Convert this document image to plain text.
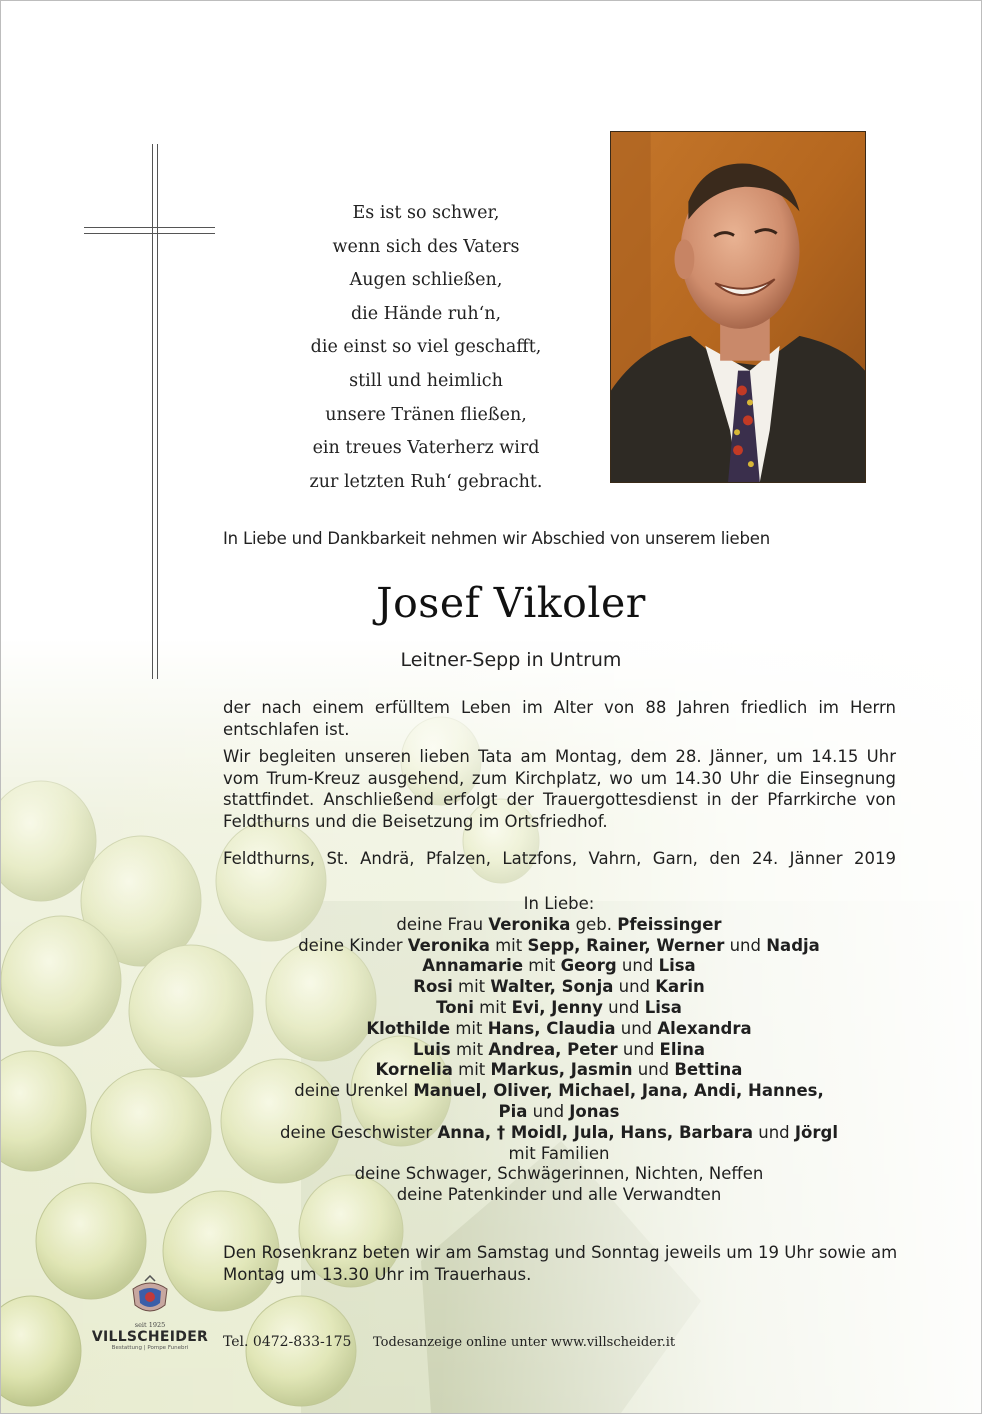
Es ist so schwer,
wenn sich des Vaters
Augen schließen,
die Hände ruh‘n,
die einst so viel geschafft,
still und heimlich
unsere Tränen fließen,
ein treues Vaterherz wird
zur letzten Ruh‘ gebracht.
In Liebe und Dankbarkeit nehmen wir Abschied von unserem lieben
Josef Vikoler
Leitner-Sepp in Untrum
der nach einem erfülltem Leben im Alter von 88 Jahren friedlich im Herrn entschlafen ist.
Wir begleiten unseren lieben Tata am Montag, dem 28. Jänner, um 14.15 Uhr vom Trum-Kreuz ausgehend, zum Kirchplatz, wo um 14.30 Uhr die Einsegnung stattfindet. Anschließend erfolgt der Trauergottesdienst in der Pfarrkirche von Feldthurns und die Beisetzung im Ortsfriedhof.
Feldthurns, St. Andrä, Pfalzen, Latzfons, Vahrn, Garn, den 24. Jänner 2019
In Liebe:
deine Frau Veronika geb. Pfeissinger
deine Kinder Veronika mit Sepp, Rainer, Werner und Nadja
Annamarie mit Georg und Lisa
Rosi mit Walter, Sonja und Karin
Toni mit Evi, Jenny und Lisa
Klothilde mit Hans, Claudia und Alexandra
Luis mit Andrea, Peter und Elina
Kornelia mit Markus, Jasmin und Bettina
deine Urenkel Manuel, Oliver, Michael, Jana, Andi, Hannes,
Pia und Jonas
deine Geschwister Anna, † Moidl, Jula, Hans, Barbara und Jörgl
mit Familien
deine Schwager, Schwägerinnen, Nichten, Neffen
deine Patenkinder und alle Verwandten
Den Rosenkranz beten wir am Samstag und Sonntag jeweils um 19 Uhr sowie am Montag um 13.30 Uhr im Trauerhaus.
seit 1925
VILLSCHEIDER
Bestattung | Pompe Funebri	Tel. 0472-833-175 Todesanzeige online unter www.villscheider.it
